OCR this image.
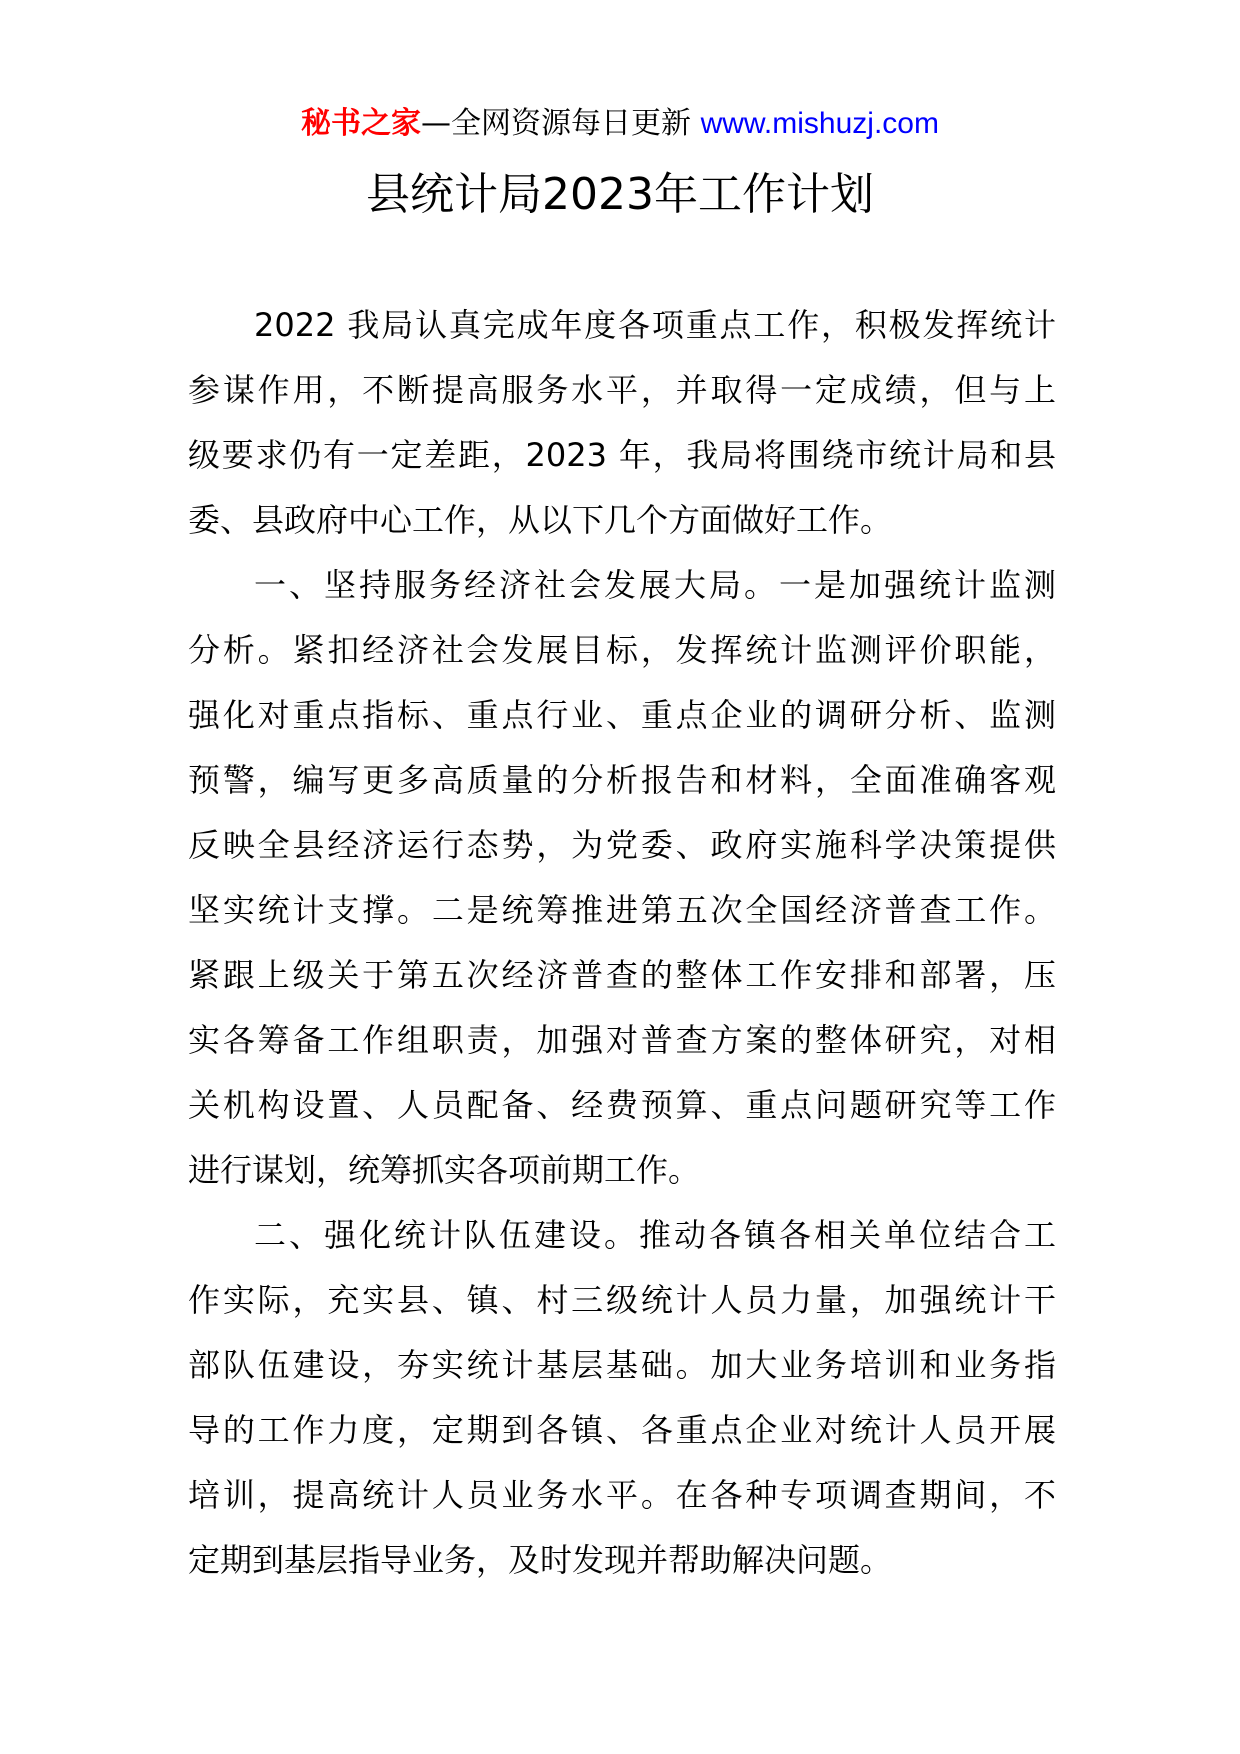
秘书之家—全网资源每日更新 www.mishuzj.com
县统计局2023年工作计划
2022 我局认真完成年度各项重点工作，积极发挥统计
参谋作用，不断提高服务水平，并取得一定成绩，但与上
级要求仍有一定差距，2023 年，我局将围绕市统计局和县
委、县政府中心工作，从以下几个方面做好工作。
一、坚持服务经济社会发展大局。一是加强统计监测
分析。紧扣经济社会发展目标，发挥统计监测评价职能，
强化对重点指标、重点行业、重点企业的调研分析、监测
预警，编写更多高质量的分析报告和材料，全面准确客观
反映全县经济运行态势，为党委、政府实施科学决策提供
坚实统计支撑。二是统筹推进第五次全国经济普查工作。
紧跟上级关于第五次经济普查的整体工作安排和部署，压
实各筹备工作组职责，加强对普查方案的整体研究，对相
关机构设置、人员配备、经费预算、重点问题研究等工作
进行谋划，统筹抓实各项前期工作。
二、强化统计队伍建设。推动各镇各相关单位结合工
作实际，充实县、镇、村三级统计人员力量，加强统计干
部队伍建设，夯实统计基层基础。加大业务培训和业务指
导的工作力度，定期到各镇、各重点企业对统计人员开展
培训，提高统计人员业务水平。在各种专项调查期间，不
定期到基层指导业务，及时发现并帮助解决问题。
